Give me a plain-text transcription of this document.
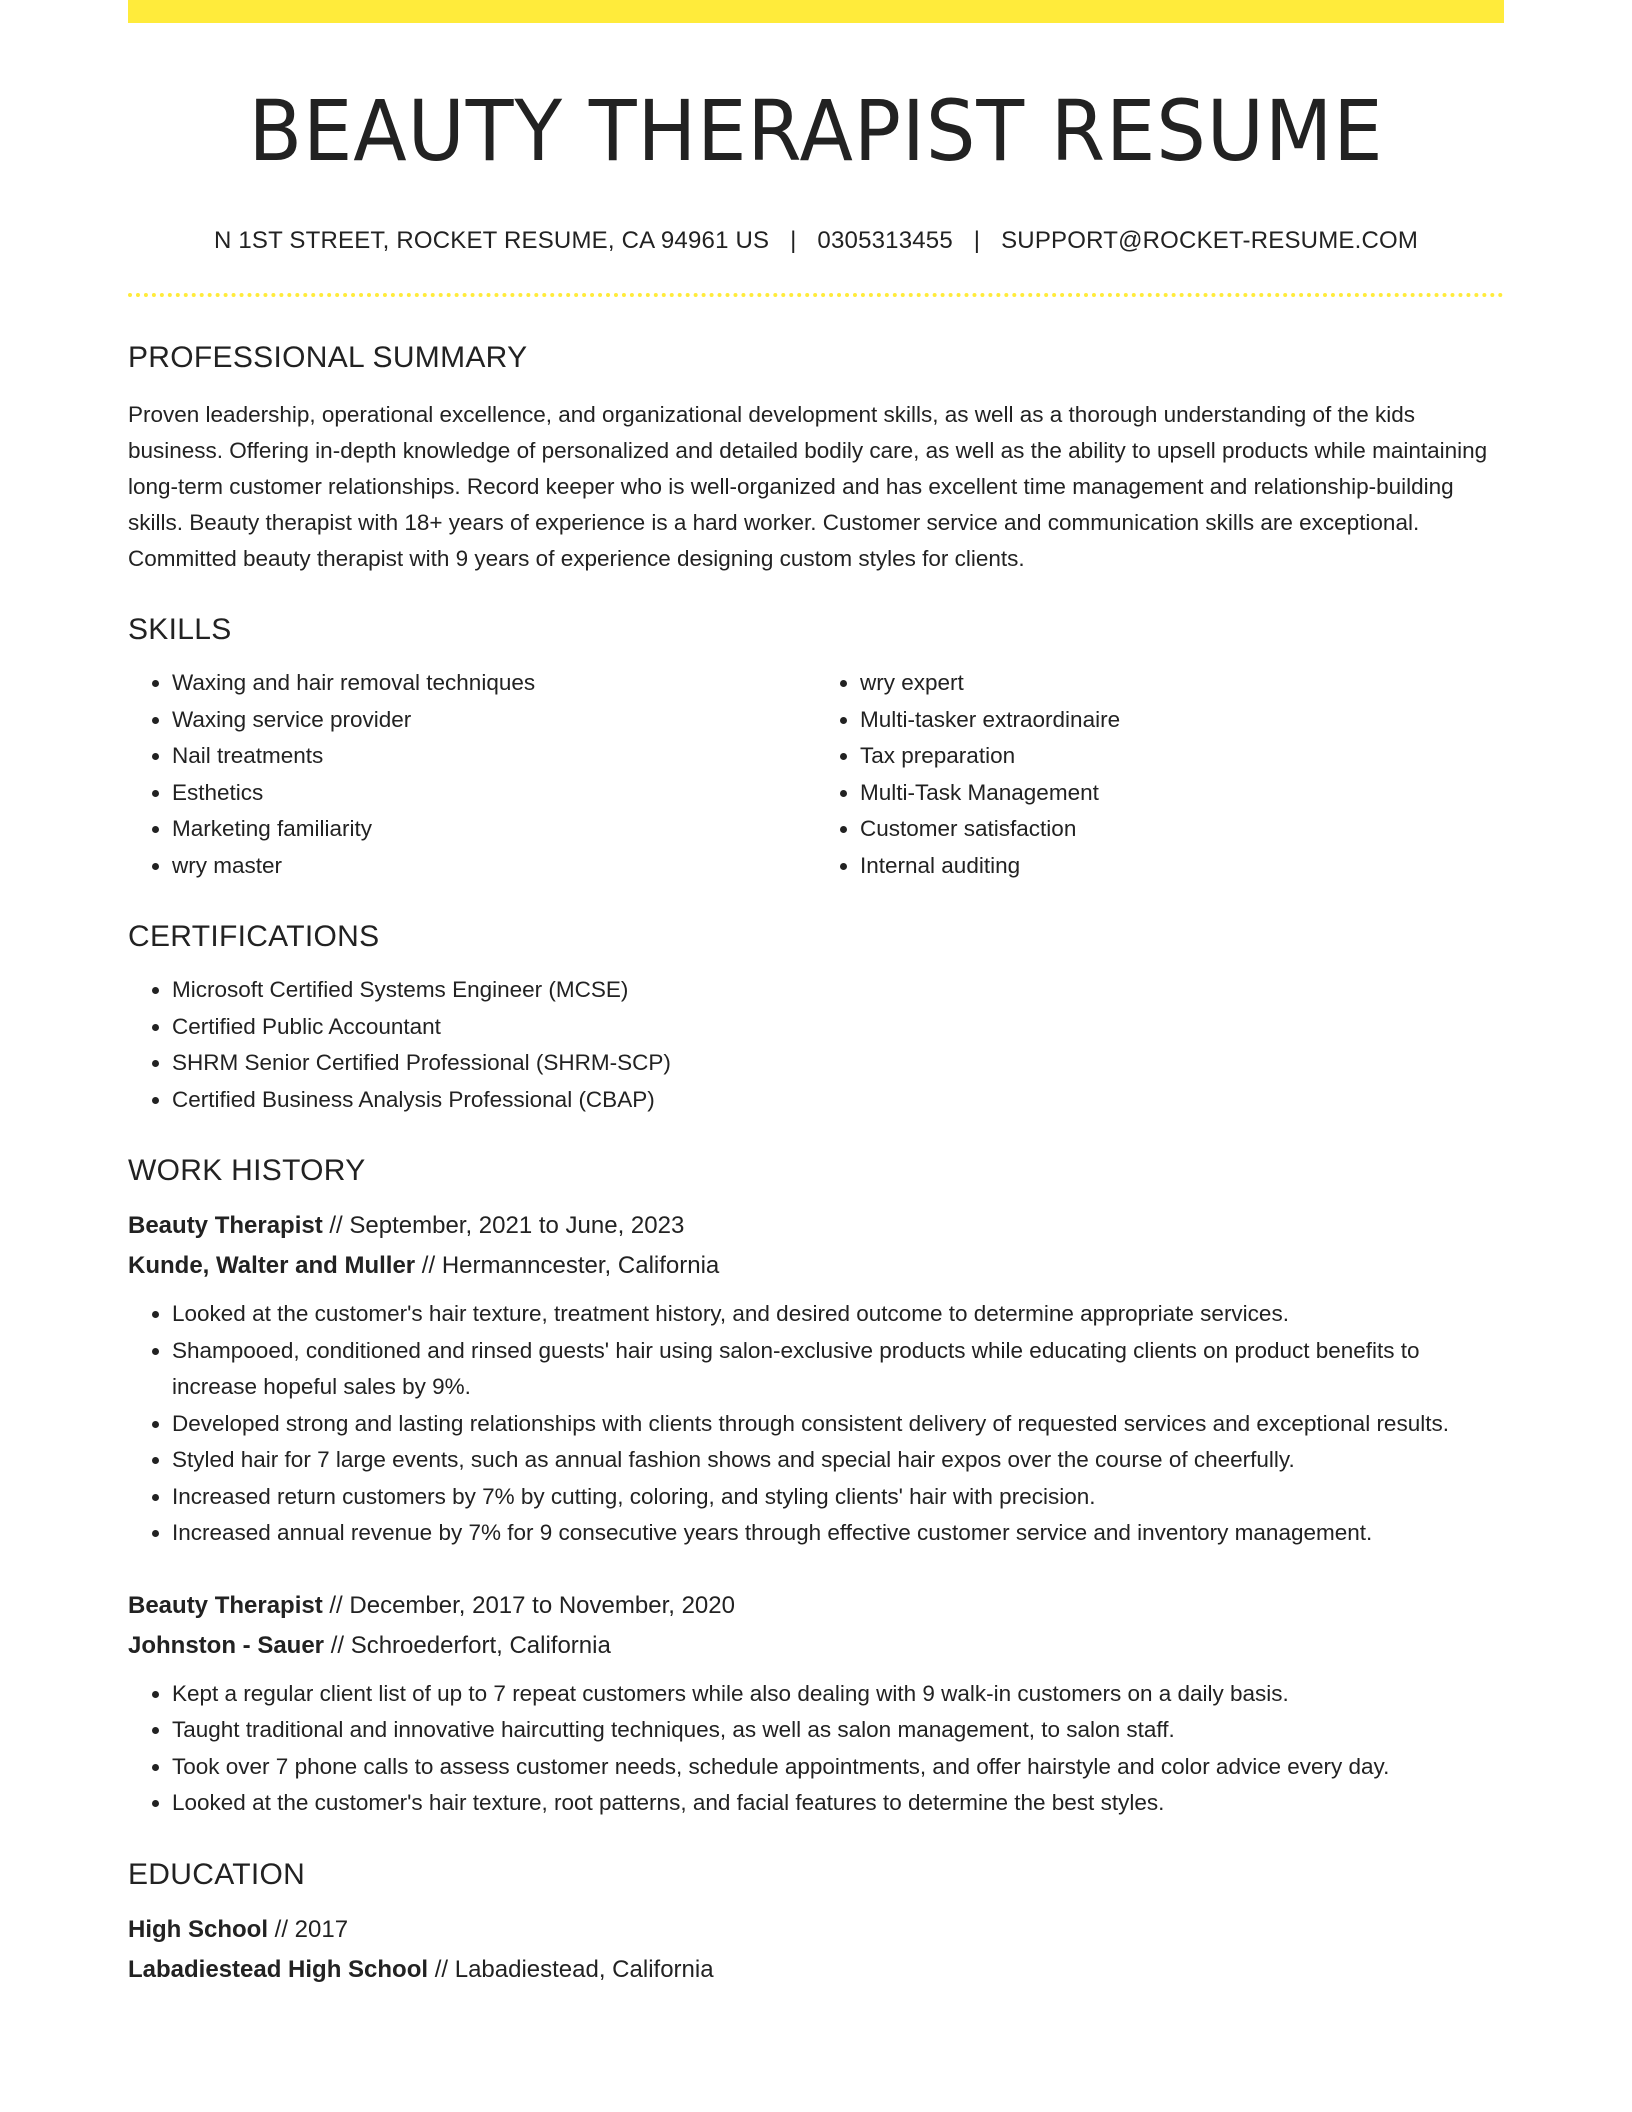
BEAUTY THERAPIST RESUME
N 1ST STREET, ROCKET RESUME, CA 94961 US | 0305313455 | SUPPORT@ROCKET-RESUME.COM
PROFESSIONAL SUMMARY
Proven leadership, operational excellence, and organizational development skills, as well as a thorough understanding of the kids business. Offering in-depth knowledge of personalized and detailed bodily care, as well as the ability to upsell products while maintaining long-term customer relationships. Record keeper who is well-organized and has excellent time management and relationship-building skills. Beauty therapist with 18+ years of experience is a hard worker. Customer service and communication skills are exceptional. Committed beauty therapist with 9 years of experience designing custom styles for clients.
SKILLS
• Waxing and hair removal techniques
• Waxing service provider
• Nail treatments
• Esthetics
• Marketing familiarity
• wry master
• wry expert
• Multi-tasker extraordinaire
• Tax preparation
• Multi-Task Management
• Customer satisfaction
• Internal auditing
CERTIFICATIONS
• Microsoft Certified Systems Engineer (MCSE)
• Certified Public Accountant
• SHRM Senior Certified Professional (SHRM-SCP)
• Certified Business Analysis Professional (CBAP)
WORK HISTORY
Beauty Therapist // September, 2021 to June, 2023
Kunde, Walter and Muller // Hermanncester, California
• Looked at the customer's hair texture, treatment history, and desired outcome to determine appropriate services.
• Shampooed, conditioned and rinsed guests' hair using salon-exclusive products while educating clients on product benefits to increase hopeful sales by 9%.
• Developed strong and lasting relationships with clients through consistent delivery of requested services and exceptional results.
• Styled hair for 7 large events, such as annual fashion shows and special hair expos over the course of cheerfully.
• Increased return customers by 7% by cutting, coloring, and styling clients' hair with precision.
• Increased annual revenue by 7% for 9 consecutive years through effective customer service and inventory management.
Beauty Therapist // December, 2017 to November, 2020
Johnston - Sauer // Schroederfort, California
• Kept a regular client list of up to 7 repeat customers while also dealing with 9 walk-in customers on a daily basis.
• Taught traditional and innovative haircutting techniques, as well as salon management, to salon staff.
• Took over 7 phone calls to assess customer needs, schedule appointments, and offer hairstyle and color advice every day.
• Looked at the customer's hair texture, root patterns, and facial features to determine the best styles.
EDUCATION
High School // 2017
Labadiestead High School // Labadiestead, California
